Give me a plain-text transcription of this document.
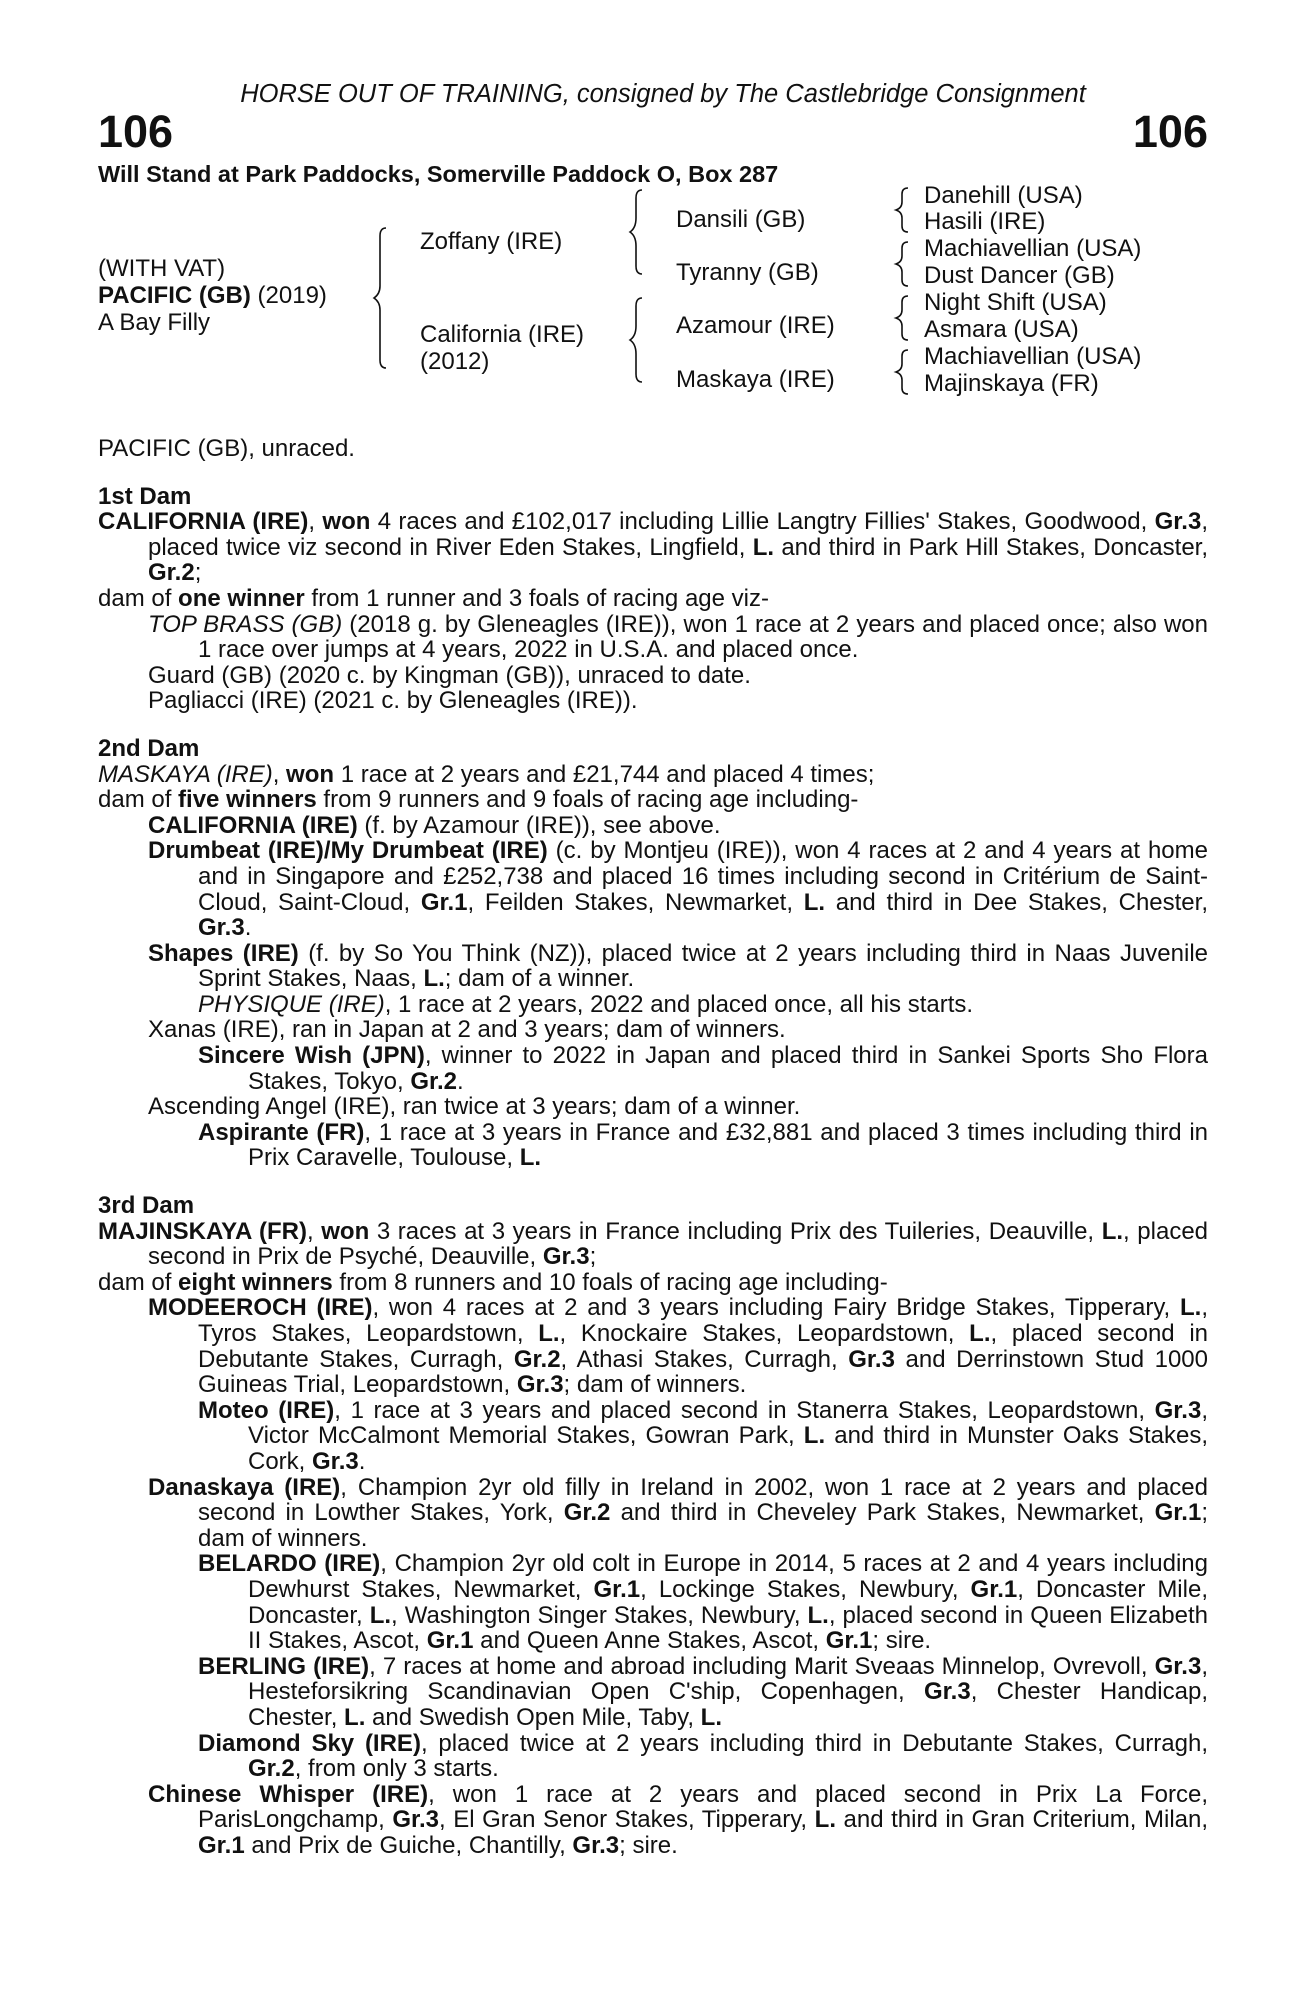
HORSE OUT OF TRAINING, consigned by The Castlebridge Consignment
106	106
Will Stand at Park Paddocks, Somerville Paddock O, Box 287
(WITH VAT)
PACIFIC (GB) (2019)
A Bay Filly
Zoffany (IRE)
California (IRE)
(2012)
Dansili (GB)
Tyranny (GB)
Azamour (IRE)
Maskaya (IRE)
Danehill (USA)
Hasili (IRE)
Machiavellian (USA)
Dust Dancer (GB)
Night Shift (USA)
Asmara (USA)
Machiavellian (USA)
Majinskaya (FR)

PACIFIC (GB), unraced.

1st Dam

CALIFORNIA (IRE), won 4 races and £102,017 including Lillie Langtry Fillies' Stakes, Goodwood, Gr.3, placed twice viz second in River Eden Stakes, Lingfield, L. and third in Park Hill Stakes, Doncaster, Gr.2;

dam of one winner from 1 runner and 3 foals of racing age viz-

TOP BRASS (GB) (2018 g. by Gleneagles (IRE)), won 1 race at 2 years and placed once; also won 1 race over jumps at 4 years, 2022 in U.S.A. and placed once.

Guard (GB) (2020 c. by Kingman (GB)), unraced to date.

Pagliacci (IRE) (2021 c. by Gleneagles (IRE)).

2nd Dam

MASKAYA (IRE), won 1 race at 2 years and £21,744 and placed 4 times;

dam of five winners from 9 runners and 9 foals of racing age including-

CALIFORNIA (IRE) (f. by Azamour (IRE)), see above.

Drumbeat (IRE)/My Drumbeat (IRE) (c. by Montjeu (IRE)), won 4 races at 2 and 4 years at home and in Singapore and £252,738 and placed 16 times including second in Critérium de Saint-Cloud, Saint-Cloud, Gr.1, Feilden Stakes, Newmarket, L. and third in Dee Stakes, Chester, Gr.3.

Shapes (IRE) (f. by So You Think (NZ)), placed twice at 2 years including third in Naas Juvenile Sprint Stakes, Naas, L.; dam of a winner.

PHYSIQUE (IRE), 1 race at 2 years, 2022 and placed once, all his starts.

Xanas (IRE), ran in Japan at 2 and 3 years; dam of winners.

Sincere Wish (JPN), winner to 2022 in Japan and placed third in Sankei Sports Sho Flora Stakes, Tokyo, Gr.2.

Ascending Angel (IRE), ran twice at 3 years; dam of a winner.

Aspirante (FR), 1 race at 3 years in France and £32,881 and placed 3 times including third in Prix Caravelle, Toulouse, L.

3rd Dam

MAJINSKAYA (FR), won 3 races at 3 years in France including Prix des Tuileries, Deauville, L., placed second in Prix de Psyché, Deauville, Gr.3;

dam of eight winners from 8 runners and 10 foals of racing age including-

MODEEROCH (IRE), won 4 races at 2 and 3 years including Fairy Bridge Stakes, Tipperary, L., Tyros Stakes, Leopardstown, L., Knockaire Stakes, Leopardstown, L., placed second in Debutante Stakes, Curragh, Gr.2, Athasi Stakes, Curragh, Gr.3 and Derrinstown Stud 1000 Guineas Trial, Leopardstown, Gr.3; dam of winners.

Moteo (IRE), 1 race at 3 years and placed second in Stanerra Stakes, Leopardstown, Gr.3, Victor McCalmont Memorial Stakes, Gowran Park, L. and third in Munster Oaks Stakes, Cork, Gr.3.

Danaskaya (IRE), Champion 2yr old filly in Ireland in 2002, won 1 race at 2 years and placed second in Lowther Stakes, York, Gr.2 and third in Cheveley Park Stakes, Newmarket, Gr.1; dam of winners.

BELARDO (IRE), Champion 2yr old colt in Europe in 2014, 5 races at 2 and 4 years including Dewhurst Stakes, Newmarket, Gr.1, Lockinge Stakes, Newbury, Gr.1, Doncaster Mile, Doncaster, L., Washington Singer Stakes, Newbury, L., placed second in Queen Elizabeth II Stakes, Ascot, Gr.1 and Queen Anne Stakes, Ascot, Gr.1; sire.

BERLING (IRE), 7 races at home and abroad including Marit Sveaas Minnelop, Ovrevoll, Gr.3, Hesteforsikring Scandinavian Open C'ship, Copenhagen, Gr.3, Chester Handicap, Chester, L. and Swedish Open Mile, Taby, L.

Diamond Sky (IRE), placed twice at 2 years including third in Debutante Stakes, Curragh, Gr.2, from only 3 starts.

Chinese Whisper (IRE), won 1 race at 2 years and placed second in Prix La Force, ParisLongchamp, Gr.3, El Gran Senor Stakes, Tipperary, L. and third in Gran Criterium, Milan, Gr.1 and Prix de Guiche, Chantilly, Gr.3; sire.
